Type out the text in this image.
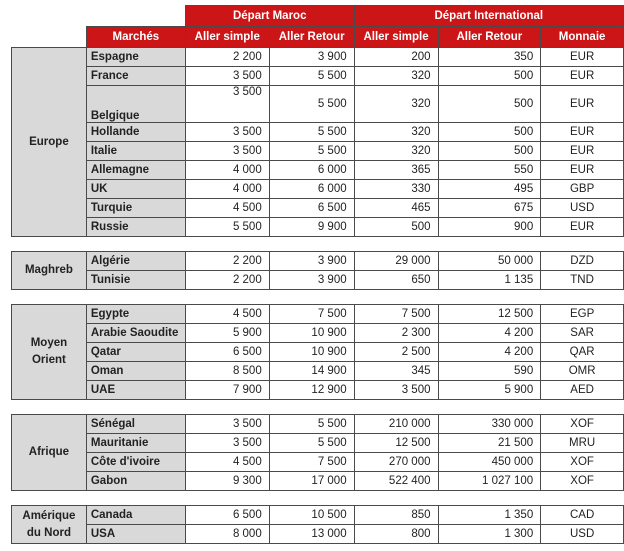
		Départ Maroc		Départ International		
	Marchés	Aller simple	Aller Retour	Aller simple	Aller Retour	Monnaie
Europe	Espagne	2 200	3 900	200	350	EUR
	France	3 500	5 500	320	500	EUR
	Belgique	3 500	5 500	320	500	EUR
	Hollande	3 500	5 500	320	500	EUR
	Italie	3 500	5 500	320	500	EUR
	Allemagne	4 000	6 000	365	550	EUR
	UK	4 000	6 000	330	495	GBP
	Turquie	4 500	6 500	465	675	USD
	Russie	5 500	9 900	500	900	EUR

Maghreb	Algérie	2 200	3 900	29 000	50 000	DZD
	Tunisie	2 200	3 900	650	1 135	TND

Moyen Orient	Egypte	4 500	7 500	7 500	12 500	EGP
	Arabie Saoudite	5 900	10 900	2 300	4 200	SAR
	Qatar	6 500	10 900	2 500	4 200	QAR
	Oman	8 500	14 900	345	590	OMR
	UAE	7 900	12 900	3 500	5 900	AED

Afrique	Sénégal	3 500	5 500	210 000	330 000	XOF
	Mauritanie	3 500	5 500	12 500	21 500	MRU
	Côte d'ivoire	4 500	7 500	270 000	450 000	XOF
	Gabon	9 300	17 000	522 400	1 027 100	XOF

Amérique du Nord	Canada	6 500	10 500	850	1 350	CAD
	USA	8 000	13 000	800	1 300	USD
